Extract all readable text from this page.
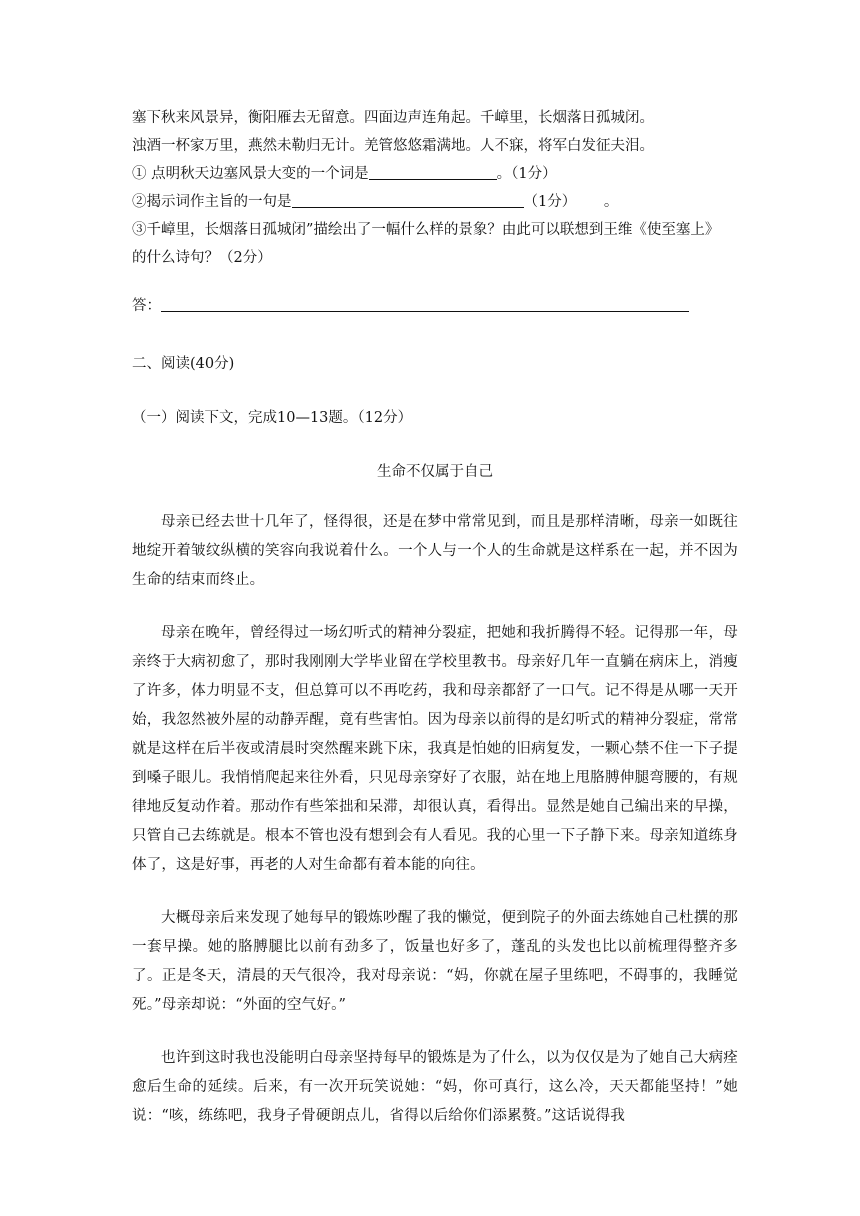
塞下秋来风景异，衡阳雁去无留意。四面边声连角起。千嶂里，长烟落日孤城闭。
浊酒一杯家万里，燕然未勒归无计。羌管悠悠霜满地。人不寐，将军白发征夫泪。
① 点明秋天边塞风景大变的一个词是	。（1分）
②揭示词作主旨的一句是	（1分）      。
③千嶂里，长烟落日孤城闭”描绘出了一幅什么样的景象？由此可以联想到王维《使至塞上》
的什么诗句？（2分）
答：
二、阅读(40分)
（一）阅读下文，完成10—13题。（12分）
生命不仅属于自己

母亲已经去世十几年了，怪得很，还是在梦中常常见到，而且是那样清晰，母亲一如既往地绽开着皱纹纵横的笑容向我说着什么。一个人与一个人的生命就是这样系在一起，并不因为生命的结束而终止。

母亲在晚年，曾经得过一场幻听式的精神分裂症，把她和我折腾得不轻。记得那一年，母亲终于大病初愈了，那时我刚刚大学毕业留在学校里教书。母亲好几年一直躺在病床上，消瘦了许多，体力明显不支，但总算可以不再吃药，我和母亲都舒了一口气。记不得是从哪一天开始，我忽然被外屋的动静弄醒，竟有些害怕。因为母亲以前得的是幻听式的精神分裂症，常常就是这样在后半夜或清晨时突然醒来跳下床，我真是怕她的旧病复发，一颗心禁不住一下子提到嗓子眼儿。我悄悄爬起来往外看，只见母亲穿好了衣服，站在地上甩胳膊伸腿弯腰的，有规律地反复动作着。那动作有些笨拙和呆滞，却很认真，看得出。显然是她自己编出来的早操，只管自己去练就是。根本不管也没有想到会有人看见。我的心里一下子静下来。母亲知道练身体了，这是好事，再老的人对生命都有着本能的向往。

大概母亲后来发现了她每早的锻炼吵醒了我的懒觉，便到院子的外面去练她自己杜撰的那一套早操。她的胳膊腿比以前有劲多了，饭量也好多了，蓬乱的头发也比以前梳理得整齐多了。正是冬天，清晨的天气很冷，我对母亲说：“妈，你就在屋子里练吧，不碍事的，我睡觉死。”母亲却说：“外面的空气好。”

也许到这时我也没能明白母亲坚持每早的锻炼是为了什么，以为仅仅是为了她自己大病痊愈后生命的延续。后来，有一次开玩笑说她：“妈，你可真行，这么冷，天天都能坚持！”她说：“咳，练练吧，我身子骨硬朗点儿，省得以后给你们添累赘。”这话说得我
